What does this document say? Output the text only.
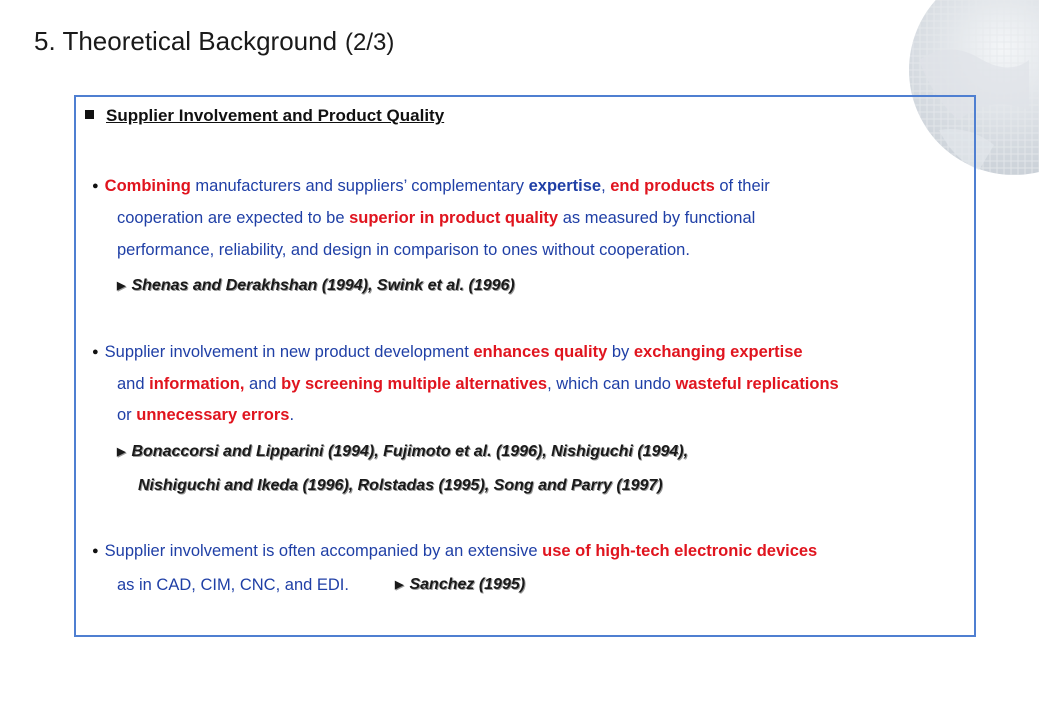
5. Theoretical Background (2/3)
Supplier Involvement and Product Quality
● Combining manufacturers and suppliers’ complementary expertise, end products of their
cooperation are expected to be superior in product quality as measured by functional
performance, reliability, and design in comparison to ones without cooperation.
▶ Shenas and Derakhshan (1994), Swink et al. (1996)
● Supplier involvement in new product development enhances quality by exchanging expertise
and information, and by screening multiple alternatives, which can undo wasteful replications
or unnecessary errors.
▶ Bonaccorsi and Lipparini (1994), Fujimoto et al. (1996), Nishiguchi (1994),
Nishiguchi and Ikeda (1996), Rolstadas (1995), Song and Parry (1997)
● Supplier involvement is often accompanied by an extensive use of high-tech electronic devices
as in CAD, CIM, CNC, and EDI.	▶ Sanchez (1995)
